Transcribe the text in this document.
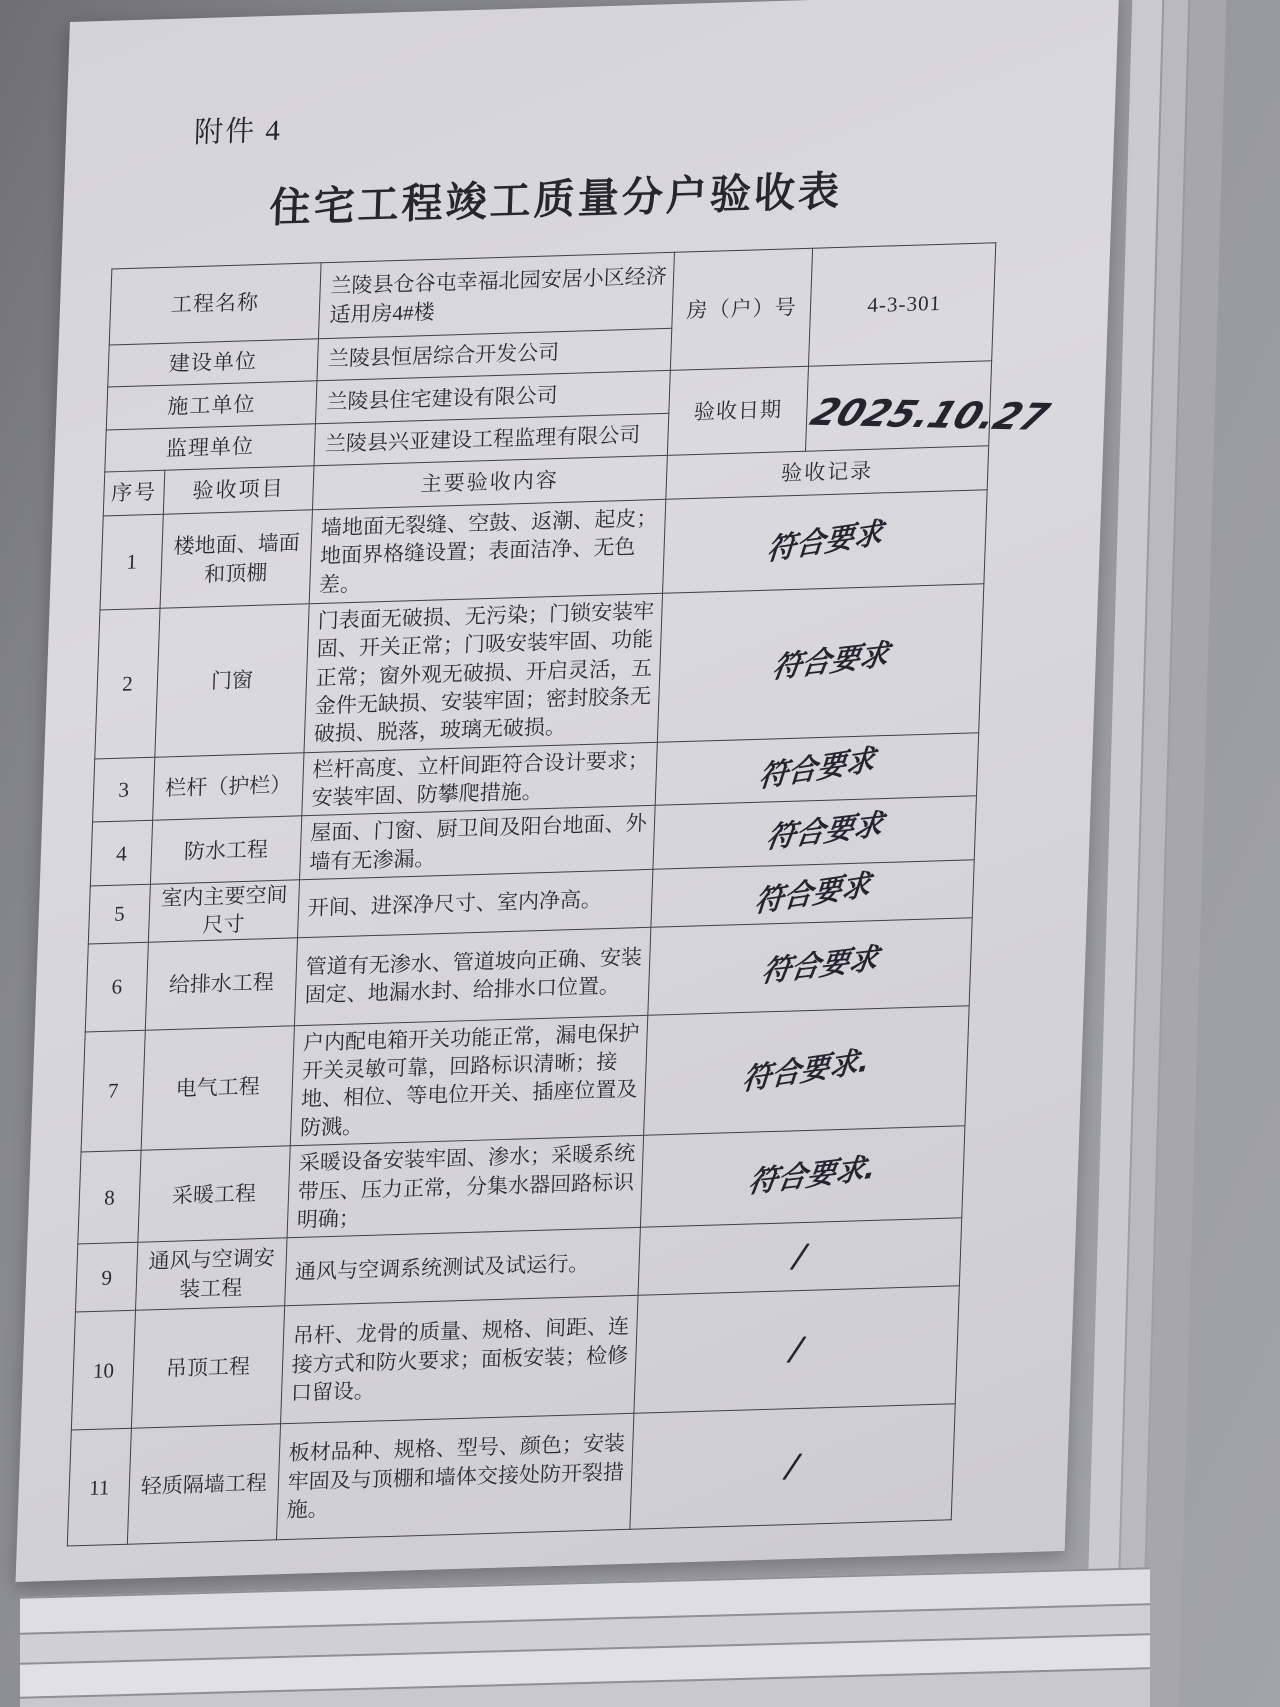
附件 4
住宅工程竣工质量分户验收表
工程名称		兰陵县仓谷屯幸福北园安居小区经济适用房4#楼	房（户）号	4-3-301
建设单位		兰陵县恒居综合开发公司		
施工单位		兰陵县住宅建设有限公司	验收日期	2025.10.27
监理单位		兰陵县兴亚建设工程监理有限公司		
序号	验收项目	主要验收内容	验收记录	
1	楼地面、墙面和顶棚	墙地面无裂缝、空鼓、返潮、起皮；地面界格缝设置；表面洁净、无色差。	符合要求	
2	门窗	门表面无破损、无污染；门锁安装牢固、开关正常；门吸安装牢固、功能正常；窗外观无破损、开启灵活，五金件无缺损、安装牢固；密封胶条无破损、脱落，玻璃无破损。	符合要求	
3	栏杆（护栏）	栏杆高度、立杆间距符合设计要求；安装牢固、防攀爬措施。	符合要求	
4	防水工程	屋面、门窗、厨卫间及阳台地面、外墙有无渗漏。	符合要求	
5	室内主要空间尺寸	开间、进深净尺寸、室内净高。	符合要求	
6	给排水工程	管道有无渗水、管道坡向正确、安装固定、地漏水封、给排水口位置。	符合要求	
7	电气工程	户内配电箱开关功能正常，漏电保护开关灵敏可靠，回路标识清晰；接地、相位、等电位开关、插座位置及防溅。	符合要求.	
8	采暖工程	采暖设备安装牢固、渗水；采暖系统带压、压力正常，分集水器回路标识明确；	符合要求.	
9	通风与空调安装工程	通风与空调系统测试及试运行。	/	
10	吊顶工程	吊杆、龙骨的质量、规格、间距、连接方式和防火要求；面板安装；检修口留设。	/	
11	轻质隔墙工程	板材品种、规格、型号、颜色；安装牢固及与顶棚和墙体交接处防开裂措施。	/	
